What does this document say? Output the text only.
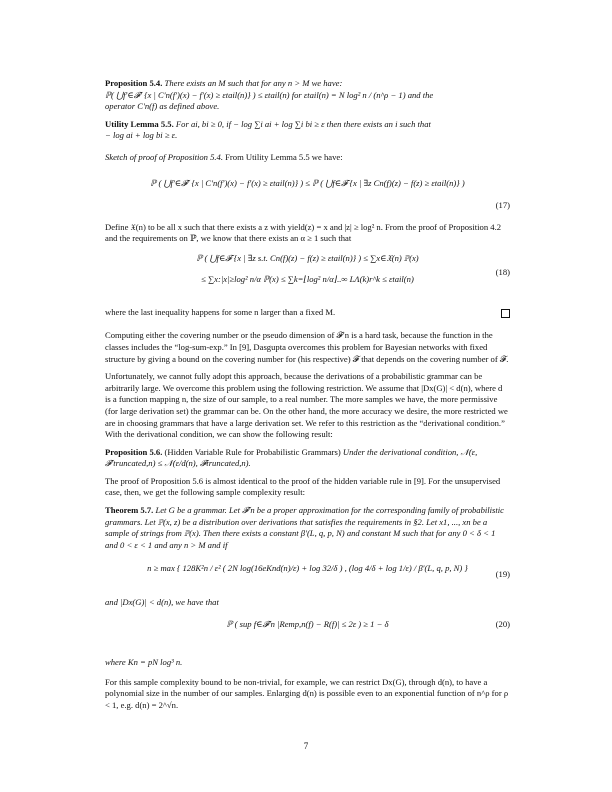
Proposition 5.4. There exists an M such that for any n > M we have:

ℙ( ⋃f′∈𝓕′ {x | C′n(f′)(x) − f′(x) ≥ εtail(n)} ) ≤ εtail(n) for εtail(n) = N log² n / (n^ρ − 1) and the

operator C′n(f) as defined above.

Utility Lemma 5.5. For ai, bi ≥ 0, if − log ∑i ai + log ∑i bi ≥ ε then there exists an i such that

− log ai + log bi ≥ ε.

Sketch of proof of Proposition 5.4. From Utility Lemma 5.5 we have:

ℙ ( ⋃f′∈𝓕′ {x | C′n(f′)(x) − f′(x) ≥ εtail(n)} ) ≤ ℙ ( ⋃f∈𝓕 {x | ∃z Cn(f)(z) − f(z) ≥ εtail(n)} )
(17)

Define 𝔛(n) to be all x such that there exists a z with yield(z) = x and |z| ≥ log² n. From the proof of Proposition 4.2 and the requirements on ℙ, we know that there exists an α ≥ 1 such that

ℙ ( ⋃f∈𝓕 {x | ∃z s.t. Cn(f)(z) − f(z) ≥ εtail(n)} ) ≤ ∑x∈𝔛(n) ℙ(x)

≤ ∑x:|x|≥log² n/α ℙ(x) ≤ ∑k=⌊log² n/α⌋..∞ LΛ(k)r^k ≤ εtail(n)

(18)
where the last inequality happens for some n larger than a fixed M.

Computing either the covering number or the pseudo dimension of 𝓕′n is a hard task, because the function in the classes includes the “log-sum-exp.” In [9], Dasgupta overcomes this problem for Bayesian networks with fixed structure by giving a bound on the covering number for (his respective) 𝓕 that depends on the covering number of 𝓕.

Unfortunately, we cannot fully adopt this approach, because the derivations of a probabilistic grammar can be arbitrarily large. We overcome this problem using the following restriction. We assume that |Dx(G)| < d(n), where d is a function mapping n, the size of our sample, to a real number. The more samples we have, the more permissive (for large derivation set) the grammar can be. On the other hand, the more accuracy we desire, the more restricted we are in choosing grammars that have a large derivation set. We refer to this restriction as the “derivational condition.” With the derivational condition, we can show the following result:

Proposition 5.6. (Hidden Variable Rule for Probabilistic Grammars) Under the derivational condition, 𝒩(ε, 𝓕′truncated,n) ≤ 𝒩(ε/d(n), 𝓕truncated,n).

The proof of Proposition 5.6 is almost identical to the proof of the hidden variable rule in [9]. For the unsupervised case, then, we get the following sample complexity result:

Theorem 5.7. Let G be a grammar. Let 𝓕′n be a proper approximation for the corresponding family of probabilistic grammars. Let ℙ(x, z) be a distribution over derivations that satisfies the requirements in §2. Let x1, ..., xn be a sample of strings from ℙ(x). Then there exists a constant β′(L, q, p, N) and constant M such that for any 0 < δ < 1 and 0 < ε < 1 and any n > M and if
n ≥ max { 128K²n / ε² ( 2N log(16eKnd(n)/ε) + log 32/δ ) , (log 4/δ + log 1/ε) / β′(L, q, p, N) }
(19)

and |Dx(G)| < d(n), we have that

ℙ ( sup f∈𝓕′n |Remp,n(f) − R(f)| ≤ 2ε ) ≥ 1 − δ	(20)

where Kn = pN log³ n.

For this sample complexity bound to be non-trivial, for example, we can restrict Dx(G), through d(n), to have a polynomial size in the number of our samples. Enlarging d(n) is possible even to an exponential function of n^ρ for ρ < 1, e.g. d(n) = 2^√n.

7
